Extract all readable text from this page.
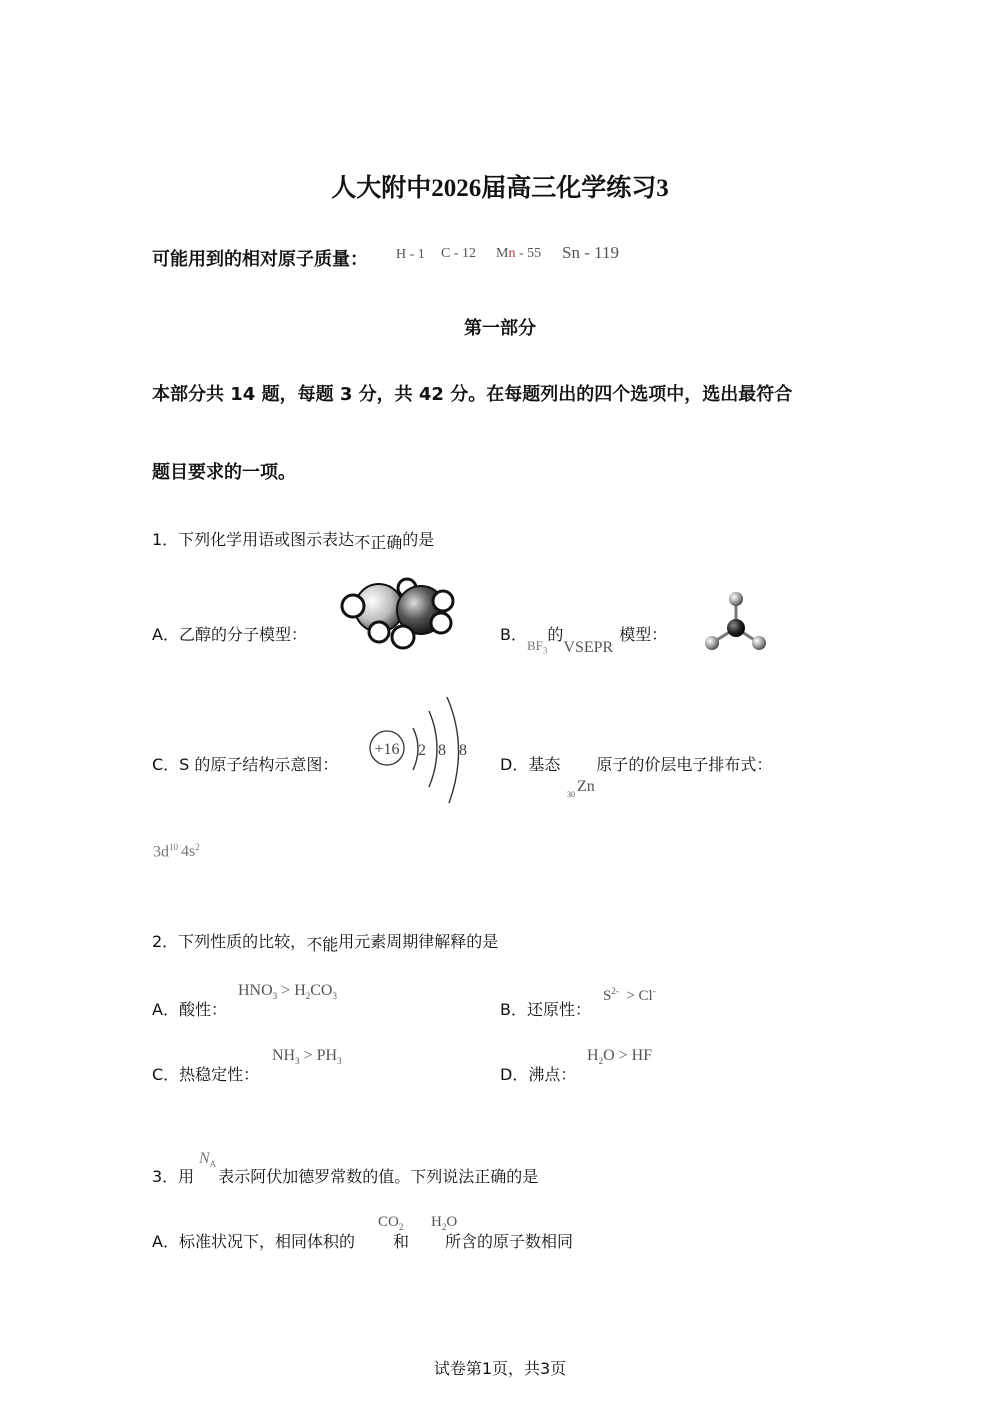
人大附中2026届高三化学练习3
可能用到的相对原子质量： H - 1 C - 12 Mn - 55 Sn - 119
第一部分
本部分共 14 题，每题 3 分，共 42 分。在每题列出的四个选项中，选出最符合
题目要求的一项。
1．下列化学用语或图示表达不正确的是
A．乙醇的分子模型：	B．$_{BF_3}$的VSEPR模型：
C．S 的原子结构示意图：
+16 2 8 8
D．基态 原子的价层电子排布式：
$_{30}$ Zn
$3d^{10}$ $4s^2$
2．下列性质的比较，不能用元素周期律解释的是
A．酸性：
$HNO_3 > H_2CO_3$
B．还原性：
$S^{2-} > Cl^-$
C．热稳定性：
$NH_3 > PH_3$
D．沸点：
$H_2O$ > HF
3．用 表示阿伏加德罗常数的值。下列说法正确的是
$N_A$
A．标准状况下，相同体积的 和 所含的原子数相同
$CO_2$ $H_2O$
试卷第1页，共3页
